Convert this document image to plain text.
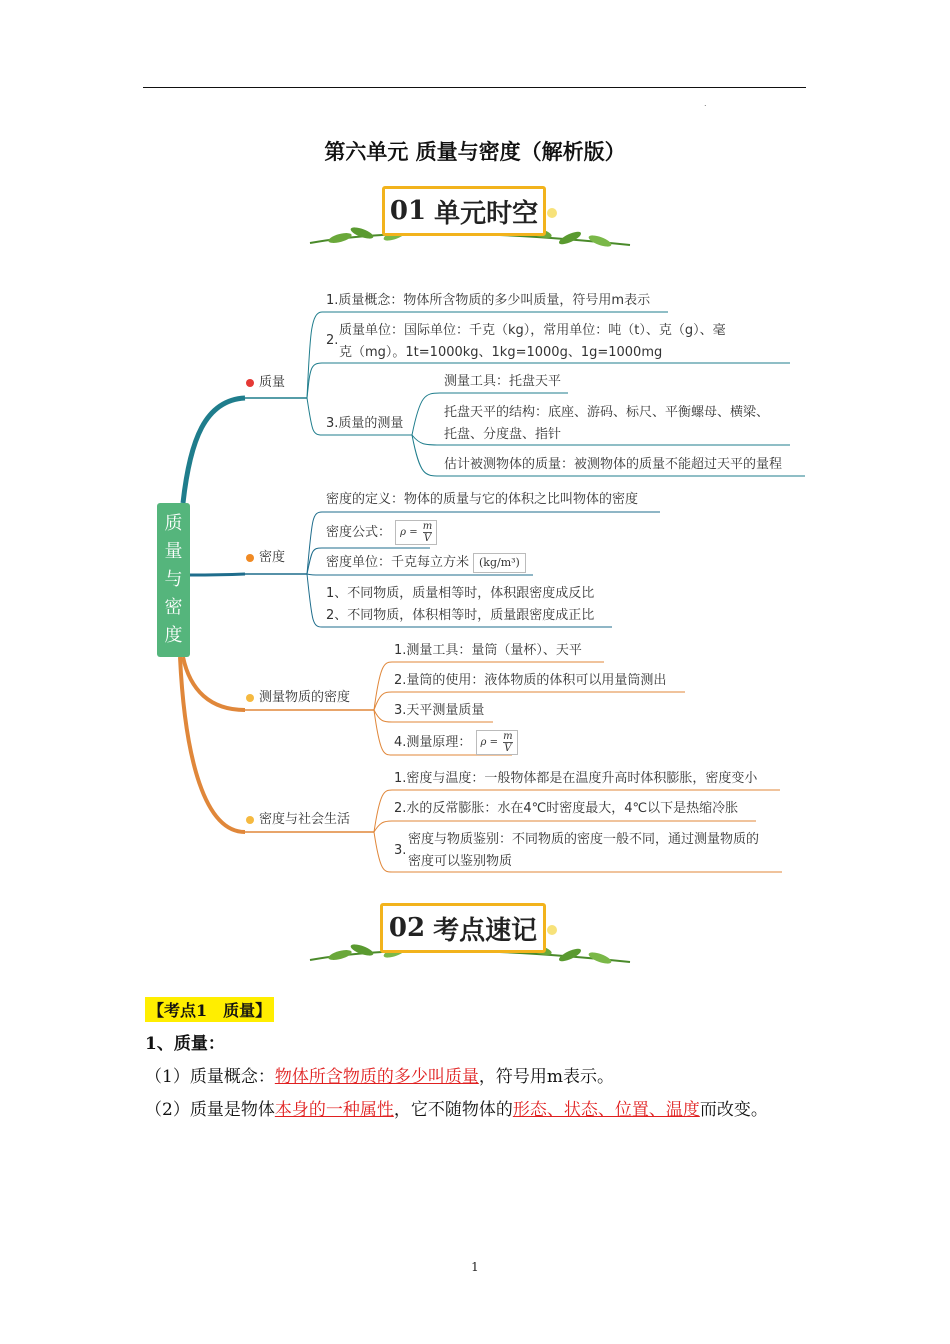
.
第六单元 质量与密度（解析版）
01 单元时空
质
量
与
密
度
质量
密度
测量物质的密度
密度与社会生活
1.质量概念：物体所含物质的多少叫质量，符号用m表示
2.
质量单位：国际单位：千克（kg），常用单位：吨（t）、克（g）、毫
克（mg）。1t=1000kg、1kg=1000g、1g=1000mg
3.质量的测量
测量工具：托盘天平
托盘天平的结构：底座、游码、标尺、平衡螺母、横梁、
托盘、分度盘、指针
估计被测物体的质量：被测物体的质量不能超过天平的量程
密度的定义：物体的质量与它的体积之比叫物体的密度
密度公式： $\rho = \frac{m}{V}$
密度单位：千克每立方米 (kg/m³)
1、不同物质，质量相等时，体积跟密度成反比
2、不同物质，体积相等时，质量跟密度成正比
1.测量工具：量筒（量杯）、天平
2.量筒的使用：液体物质的体积可以用量筒测出
3.天平测量质量
4.测量原理： $\rho = \frac{m}{V}$
1.密度与温度：一般物体都是在温度升高时体积膨胀，密度变小
2.水的反常膨胀：水在4℃时密度最大，4℃以下是热缩冷胀
3.
密度与物质鉴别：不同物质的密度一般不同，通过测量物质的
密度可以鉴别物质
02 考点速记
【考点1　质量】
1、质量：
（1）质量概念：物体所含物质的多少叫质量，符号用m表示。
（2）质量是物体本身的一种属性，它不随物体的形态、状态、位置、温度而改变。
1
